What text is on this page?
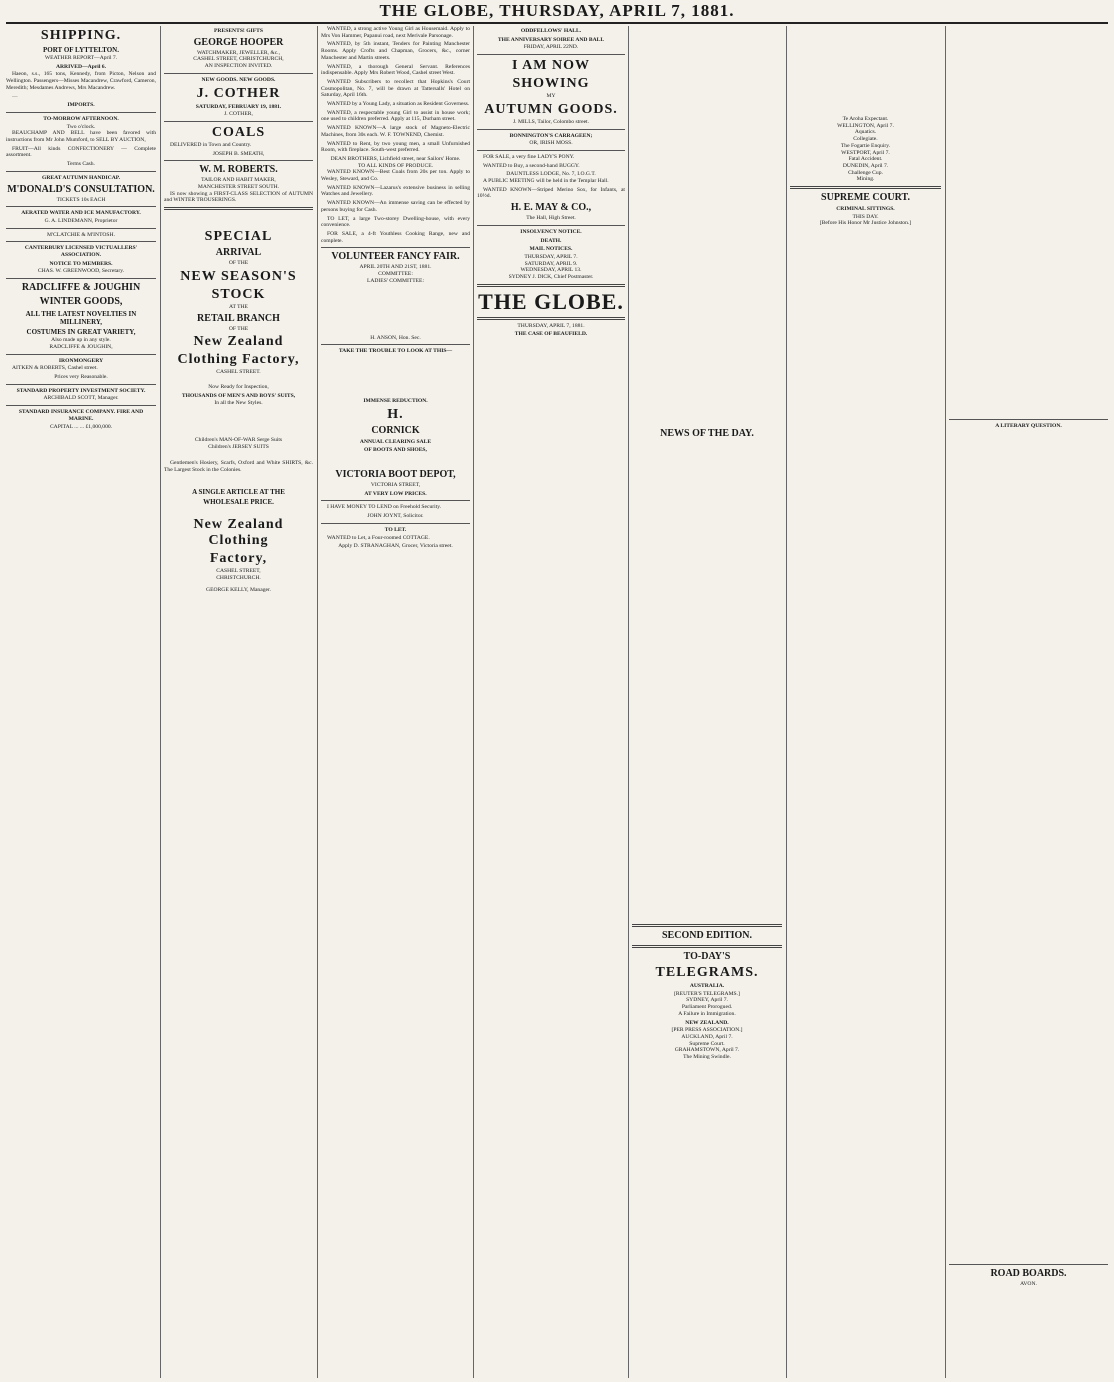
THE GLOBE, THURSDAY, APRIL 7, 1881.
SHIPPING.
PORT OF LYTTELTON.
WEATHER REPORT—April 7.
ARRIVED—April 6.

Haeon, s.s., 165 tons, Kennedy, from Picton, Nelson and Wellington. Passengers—Misses Macandrew, Crawford, Cameron, Meredith; Mesdames Andrews, Mrs Macandrew.

—

IMPORTS.
TO-MORROW AFTERNOON.
Two o'clock.

BEAUCHAMP AND BELL have been favored with instructions from Mr John Mumford, to SELL BY AUCTION,

FRUIT—All kinds CONFECTIONERY — Complete assortment.

Terms Cash.
GREAT AUTUMN HANDICAP.
M'DONALD'S CONSULTATION.
TICKETS 10s EACH
AERATED WATER AND ICE MANUFACTORY.
G. A. LINDEMANN, Proprietor
M'CLATCHIE & M'INTOSH.
CANTERBURY LICENSED VICTUALLERS' ASSOCIATION.
NOTICE TO MEMBERS.
CHAS. W. GREENWOOD, Secretary.
RADCLIFFE & JOUGHIN
WINTER GOODS,
ALL THE LATEST NOVELTIES IN MILLINERY,
COSTUMES IN GREAT VARIETY,
Also made up in any style.
RADCLIFFE & JOUGHIN,
IRONMONGERY

AITKEN & ROBERTS, Cashel street.

Prices very Reasonable.
STANDARD PROPERTY INVESTMENT SOCIETY.
ARCHIBALD SCOTT, Manager.
STANDARD INSURANCE COMPANY. FIRE AND MARINE.
CAPITAL ... ... £1,000,000.
PRESENTS! GIFTS
GEORGE HOOPER
WATCHMAKER, JEWELLER, &c.,
CASHEL STREET, CHRISTCHURCH,
AN INSPECTION INVITED.
NEW GOODS. NEW GOODS.
J. COTHER
SATURDAY, FEBRUARY 19, 1881.
J. COTHER,
COALS

DELIVERED in Town and Country.

JOSEPH B. SMEATH,
W. M. ROBERTS.
TAILOR AND HABIT MAKER,
MANCHESTER STREET SOUTH.

IS now showing a FIRST-CLASS SELECTION of AUTUMN and WINTER TROUSERINGS.

SPECIAL
ARRIVAL
OF THE
NEW SEASON'S
STOCK
AT THE
RETAIL BRANCH
OF THE
New Zealand
Clothing Factory,
CASHEL STREET.
Now Ready for Inspection,
THOUSANDS OF MEN'S AND BOYS' SUITS,
In all the New Styles.
Children's MAN-OF-WAR Serge Suits
Children's JERSEY SUITS

Gentlemen's Hosiery, Scarfs, Oxford and White SHIRTS, &c. The Largest Stock in the Colonies.

A SINGLE ARTICLE AT THE
WHOLESALE PRICE.
New Zealand Clothing
Factory,
CASHEL STREET,
CHRISTCHURCH.
GEORGE KELLY, Manager.

WANTED, a strong active Young Girl as Housemaid. Apply to Mrs Von Hammer, Papanui road, next Merivale Parsonage.

WANTED, by 5th instant, Tenders for Painting Manchester Rooms. Apply Crofts and Chapman, Grocers, &c., corner Manchester and Martin streets.

WANTED, a thorough General Servant. References indispensable. Apply Mrs Robert Wood, Cashel street West.

WANTED Subscribers to recollect that Hopkins's Court Cosmopolitan, No. 7, will be drawn at Tattersalls' Hotel on Saturday, April 16th.

WANTED by a Young Lady, a situation as Resident Governess.

WANTED, a respectable young Girl to assist in house work; one used to children preferred. Apply at 115, Durham street.

WANTED KNOWN—A large stock of Magneto-Electric Machines, from 30s each. W. F. TOWNEND, Chemist.

WANTED to Rent, by two young men, a small Unfurnished Room, with fireplace. South-west preferred.

DEAN BROTHERS, Lichfield street, near Sailors' Home.
TO ALL KINDS OF PRODUCE.

WANTED KNOWN—Best Coals from 20s per ton. Apply to Wesley, Steward, and Co.

WANTED KNOWN—Lazarus's extensive business in selling Watches and Jewellery.

WANTED KNOWN—An immense saving can be effected by persons buying for Cash.

TO LET, a large Two-storey Dwelling-house, with every convenience.

FOR SALE, a 4-ft Youthless Cooking Range, new and complete.

VOLUNTEER FANCY FAIR.
APRIL 20TH AND 21ST, 1881.
COMMITTEE:
LADIES' COMMITTEE:
H. ANSON, Hon. Sec.
TAKE THE TROUBLE TO LOOK AT THIS—
IMMENSE REDUCTION.
H.
CORNICK
ANNUAL CLEARING SALE
OF BOOTS AND SHOES,
VICTORIA BOOT DEPOT,
VICTORIA STREET,
AT VERY LOW PRICES.

I HAVE MONEY TO LEND on Freehold Security.

JOHN JOYNT, Solicitor.
TO LET.

WANTED to Let, a Four-roomed COTTAGE.

Apply D. STRANAGHAN, Grocer, Victoria street.
ODDFELLOWS' HALL.
THE ANNIVERSARY SOIREE AND BALL
FRIDAY, APRIL 22ND.
I AM NOW
SHOWING
MY
AUTUMN GOODS.
J. MILLS, Tailor, Colombo street.
BONNINGTON'S CARRAGEEN;
OR, IRISH MOSS.

FOR SALE, a very fine LADY'S PONY.

WANTED to Buy, a second-hand BUGGY.

DAUNTLESS LODGE, No. 7, I.O.G.T.

A PUBLIC MEETING will be held in the Templar Hall.

WANTED KNOWN—Striped Merino Sox, for Infants, at 10½d.

H. E. MAY & CO.,
The Hall, High Street.
INSOLVENCY NOTICE.
DEATH.
MAIL NOTICES.
THURSDAY, APRIL 7.
SATURDAY, APRIL 9.
WEDNESDAY, APRIL 13.
SYDNEY J. DICK, Chief Postmaster.
THE GLOBE.
THURSDAY, APRIL 7, 1881.
THE CASE OF BEAUFIELD.
NEWS OF THE DAY.
SECOND EDITION.
TO-DAY'S
TELEGRAMS.
AUSTRALIA.
[REUTER'S TELEGRAMS.]
SYDNEY, April 7.
Parliament Prorogued.
A Failure in Immigration.
NEW ZEALAND.
[PER PRESS ASSOCIATION.]
AUCKLAND, April 7.
Supreme Court.
GRAHAMSTOWN, April 7.
The Mining Swindle.
Te Aroha Expectant.
WELLINGTON, April 7.
Aquatics.
Collegiate.
The Fogartie Enquiry.
WESTPORT, April 7.
Fatal Accident.
DUNEDIN, April 7.
Challenge Cup.
Mining.
SUPREME COURT.
CRIMINAL SITTINGS.
THIS DAY.
[Before His Honor Mr Justice Johnston.]
A LITERARY QUESTION.
ROAD BOARDS.
AVON.
